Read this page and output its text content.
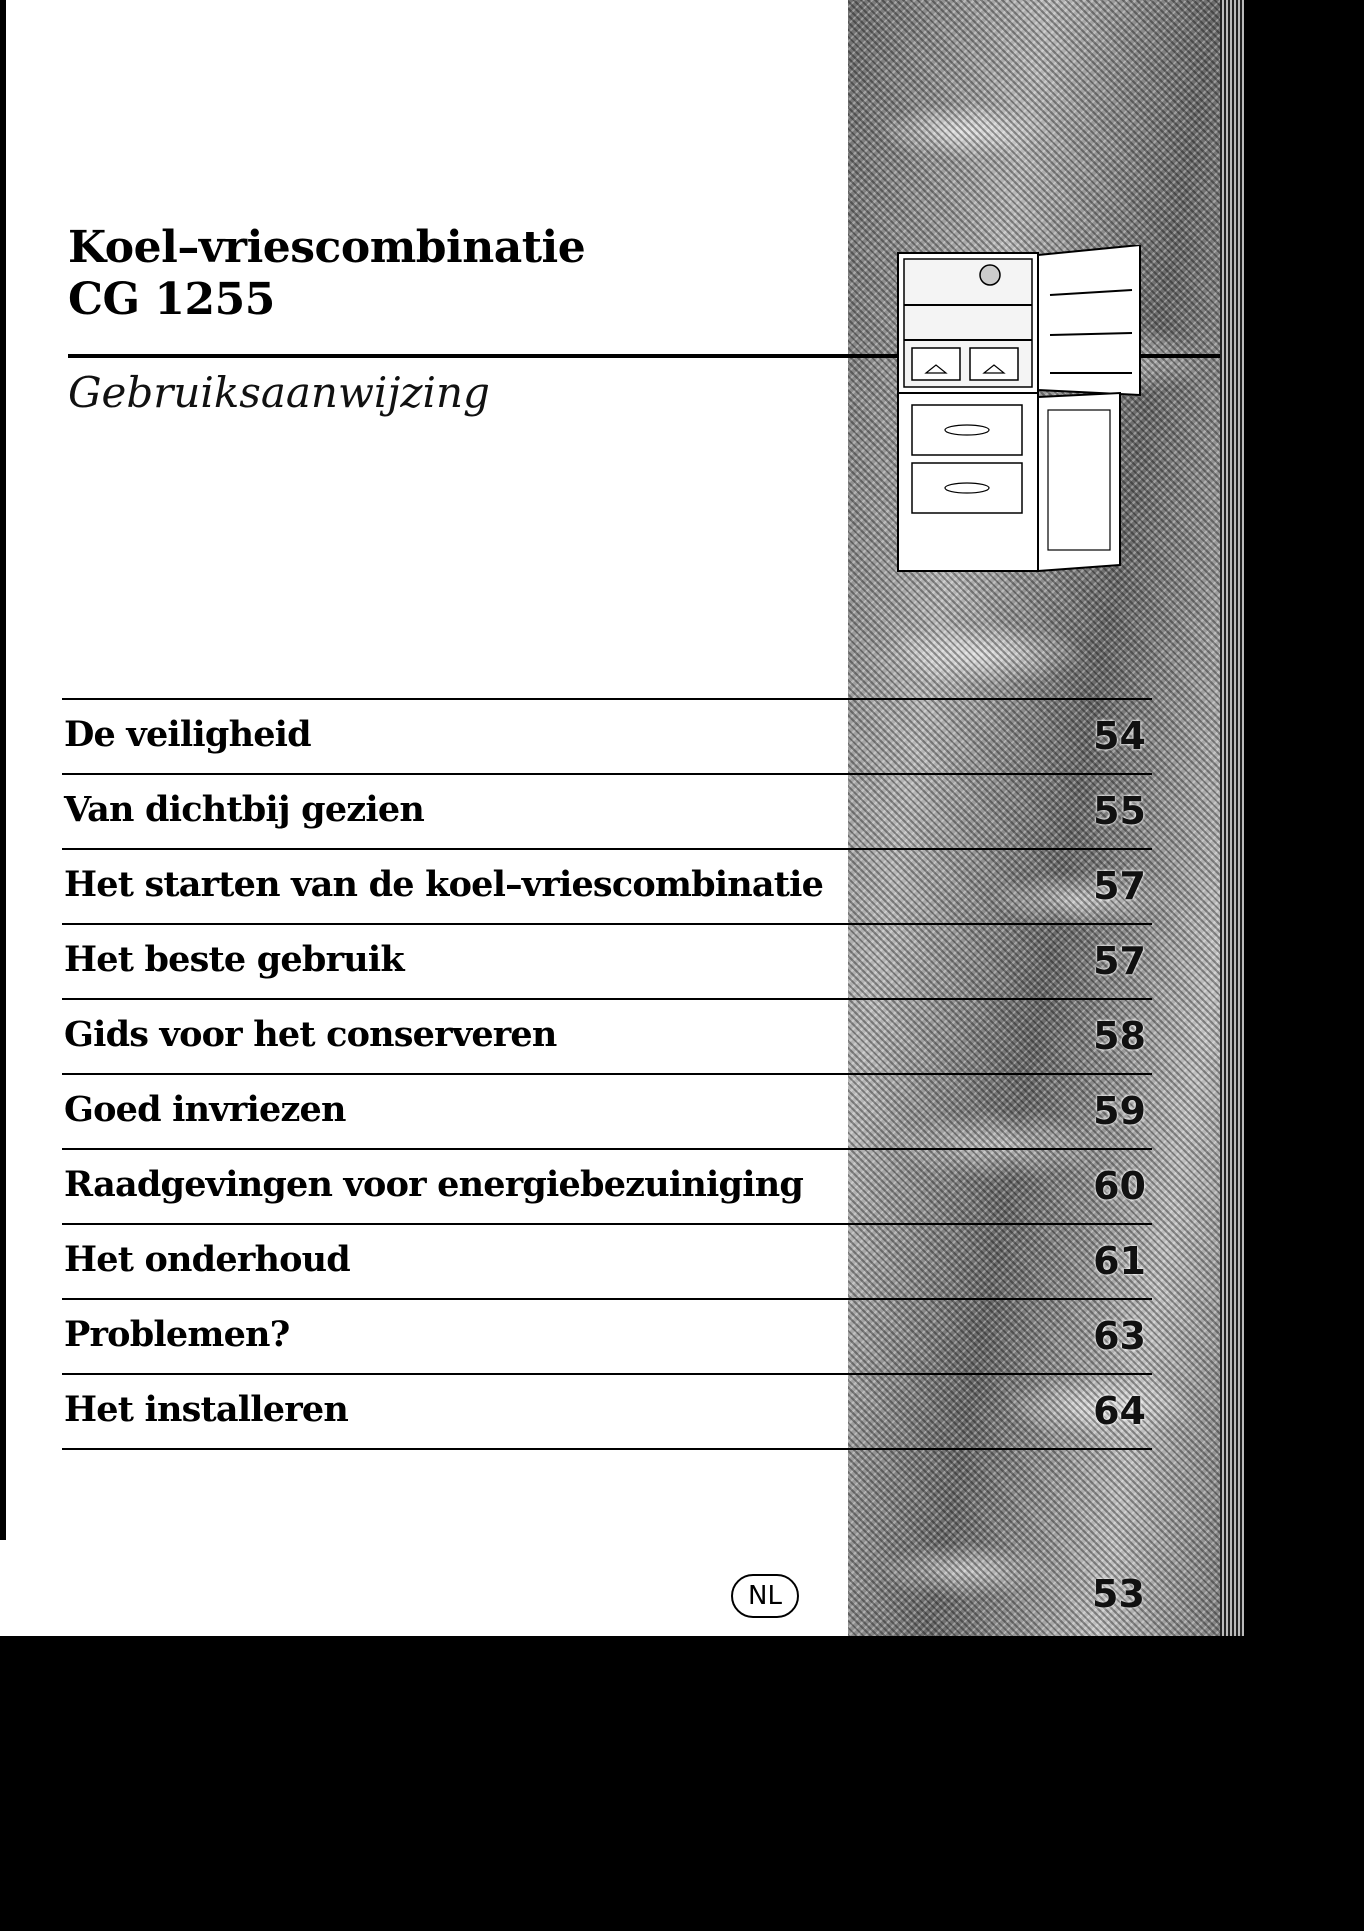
Koel–vriescombinatie
CG 1255
Gebruiksaanwijzing
De veiligheid	54
Van dichtbij gezien	55
Het starten van de koel–vriescombinatie	57
Het beste gebruik	57
Gids voor het conserveren	58
Goed invriezen	59
Raadgevingen voor energiebezuiniging	60
Het onderhoud	61
Problemen?	63
Het installeren	64
NL	53
